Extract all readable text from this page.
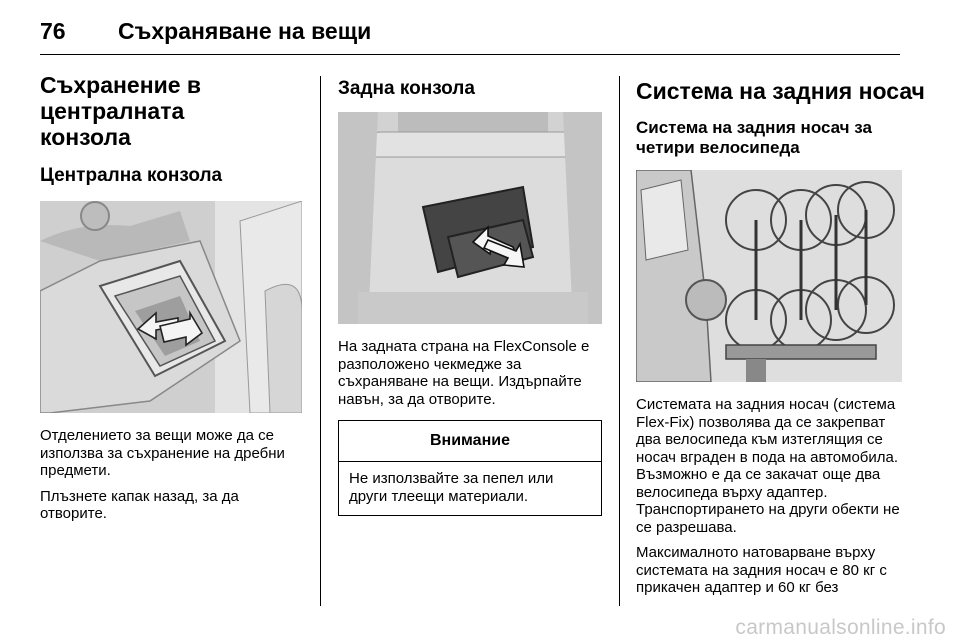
76 Съхраняване на вещи
Съхранение в централната конзола
Централна конзола

Отделението за вещи може да се използва за съхранение на дребни предмети.

Плъзнете капак назад, за да отворите.

Задна конзола

На задната страна на FlexConsole е разположено чекмедже за съхраняване на вещи. Издърпайте навън, за да отворите.

Внимание
Не използвайте за пепел или други тлеещи материали.
Система на задния носач
Система на задния носач за четири велосипеда

Системата на задния носач (система Flex-Fix) позволява да се закрепват два велосипеда към изтеглящия се носач вграден в пода на автомобила. Възможно е да се закачат още два велосипеда върху адаптер. Транспортирането на други обекти не се разрешава.

Максималното натоварване върху системата на задния носач е 80 кг с прикачен адаптер и 60 кг без

carmanualsonline.info
